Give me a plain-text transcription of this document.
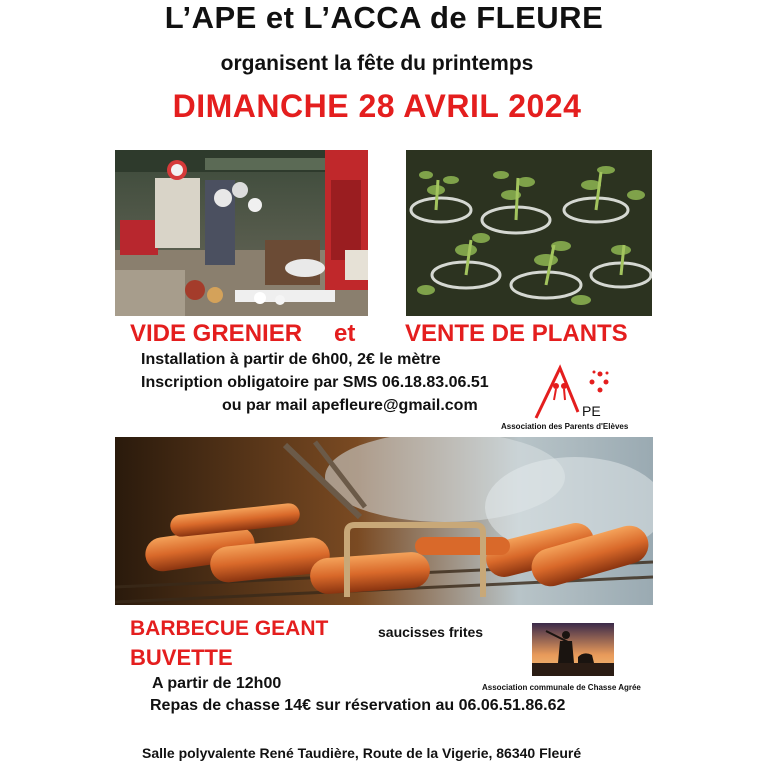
L’APE et L’ACCA de FLEURE
organisent la fête du printemps
DIMANCHE 28 AVRIL 2024
VIDE GRENIER et VENTE DE PLANTS
Installation à partir de 6h00, 2€ le mètre
Inscription obligatoire par SMS 06.18.83.06.51
ou par mail apefleure@gmail.com	PE
Association des Parents d'Elèves
BARBECUE GEANT	saucisses frites
BUVETTE
A partir de 12h00
Repas de chasse 14€ sur réservation au 06.06.51.86.62
Association communale de Chasse Agrée
Salle polyvalente René Taudière, Route de la Vigerie, 86340 Fleuré
